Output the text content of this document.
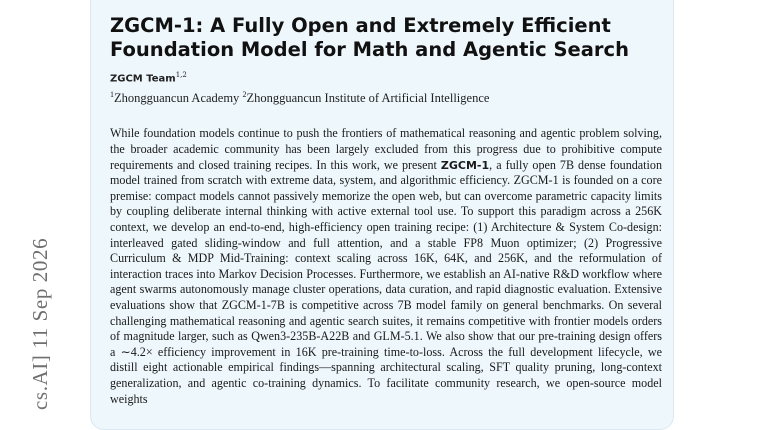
cs.AI] 11 Sep 2026
ZGCM-1: A Fully Open and Extremely Efficient Foundation Model for Math and Agentic Search
ZGCM Team$^{1,2}$
$^1$Zhongguancun Academy $^2$Zhongguancun Institute of Artificial Intelligence

While foundation models continue to push the frontiers of mathematical reasoning and agentic problem solving, the broader academic community has been largely excluded from this progress due to prohibitive compute requirements and closed training recipes. In this work, we present ZGCM-1, a fully open 7B dense foundation model trained from scratch with extreme data, system, and algorithmic efficiency. ZGCM-1 is founded on a core premise: compact models cannot passively memorize the open web, but can overcome parametric capacity limits by coupling deliberate internal thinking with active external tool use. To support this paradigm across a 256K context, we develop an end-to-end, high-efficiency open training recipe: (1) Architecture & System Co-design: interleaved gated sliding-window and full attention, and a stable FP8 Muon optimizer; (2) Progressive Curriculum & MDP Mid-Training: context scaling across 16K, 64K, and 256K, and the reformulation of interaction traces into Markov Decision Processes. Furthermore, we establish an AI-native R&D workflow where agent swarms autonomously manage cluster operations, data curation, and rapid diagnostic evaluation. Extensive evaluations show that ZGCM-1-7B is competitive across 7B model family on general benchmarks. On several challenging mathematical reasoning and agentic search suites, it remains competitive with frontier models orders of magnitude larger, such as Qwen3-235B-A22B and GLM-5.1. We also show that our pre-training design offers a ∼4.2× efficiency improvement in 16K pre-training time-to-loss. Across the full development lifecycle, we distill eight actionable empirical findings—spanning architectural scaling, SFT quality pruning, long-context generalization, and agentic co-training dynamics. To facilitate community research, we open-source model weights
